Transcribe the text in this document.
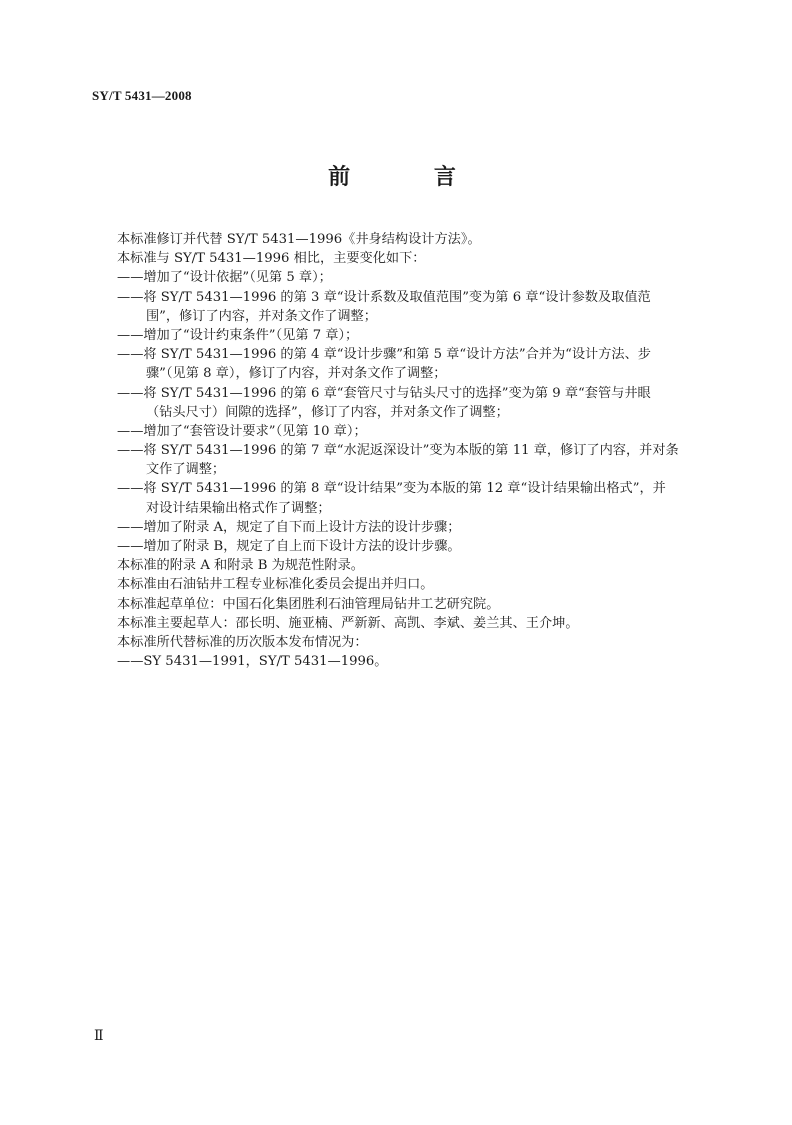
SY/T 5431—2008
前 言
本标准修订并代替 SY/T 5431—1996《井身结构设计方法》。
本标准与 SY/T 5431—1996 相比，主要变化如下：
——增加了“设计依据”（见第 5 章）；
——将 SY/T 5431—1996 的第 3 章“设计系数及取值范围”变为第 6 章“设计参数及取值范
围”，修订了内容，并对条文作了调整；
——增加了“设计约束条件”（见第 7 章）；
——将 SY/T 5431—1996 的第 4 章“设计步骤”和第 5 章“设计方法”合并为“设计方法、步
骤”（见第 8 章），修订了内容，并对条文作了调整；
——将 SY/T 5431—1996 的第 6 章“套管尺寸与钻头尺寸的选择”变为第 9 章“套管与井眼
（钻头尺寸）间隙的选择”，修订了内容，并对条文作了调整；
——增加了“套管设计要求”（见第 10 章）；
——将 SY/T 5431—1996 的第 7 章“水泥返深设计”变为本版的第 11 章，修订了内容，并对条
文作了调整；
——将 SY/T 5431—1996 的第 8 章“设计结果”变为本版的第 12 章“设计结果输出格式”，并
对设计结果输出格式作了调整；
——增加了附录 A，规定了自下而上设计方法的设计步骤；
——增加了附录 B，规定了自上而下设计方法的设计步骤。
本标准的附录 A 和附录 B 为规范性附录。
本标准由石油钻井工程专业标准化委员会提出并归口。
本标准起草单位：中国石化集团胜利石油管理局钻井工艺研究院。
本标准主要起草人：邵长明、施亚楠、严新新、高凯、李斌、姜兰其、王介坤。
本标准所代替标准的历次版本发布情况为：
——SY 5431—1991，SY/T 5431—1996。
Ⅱ
